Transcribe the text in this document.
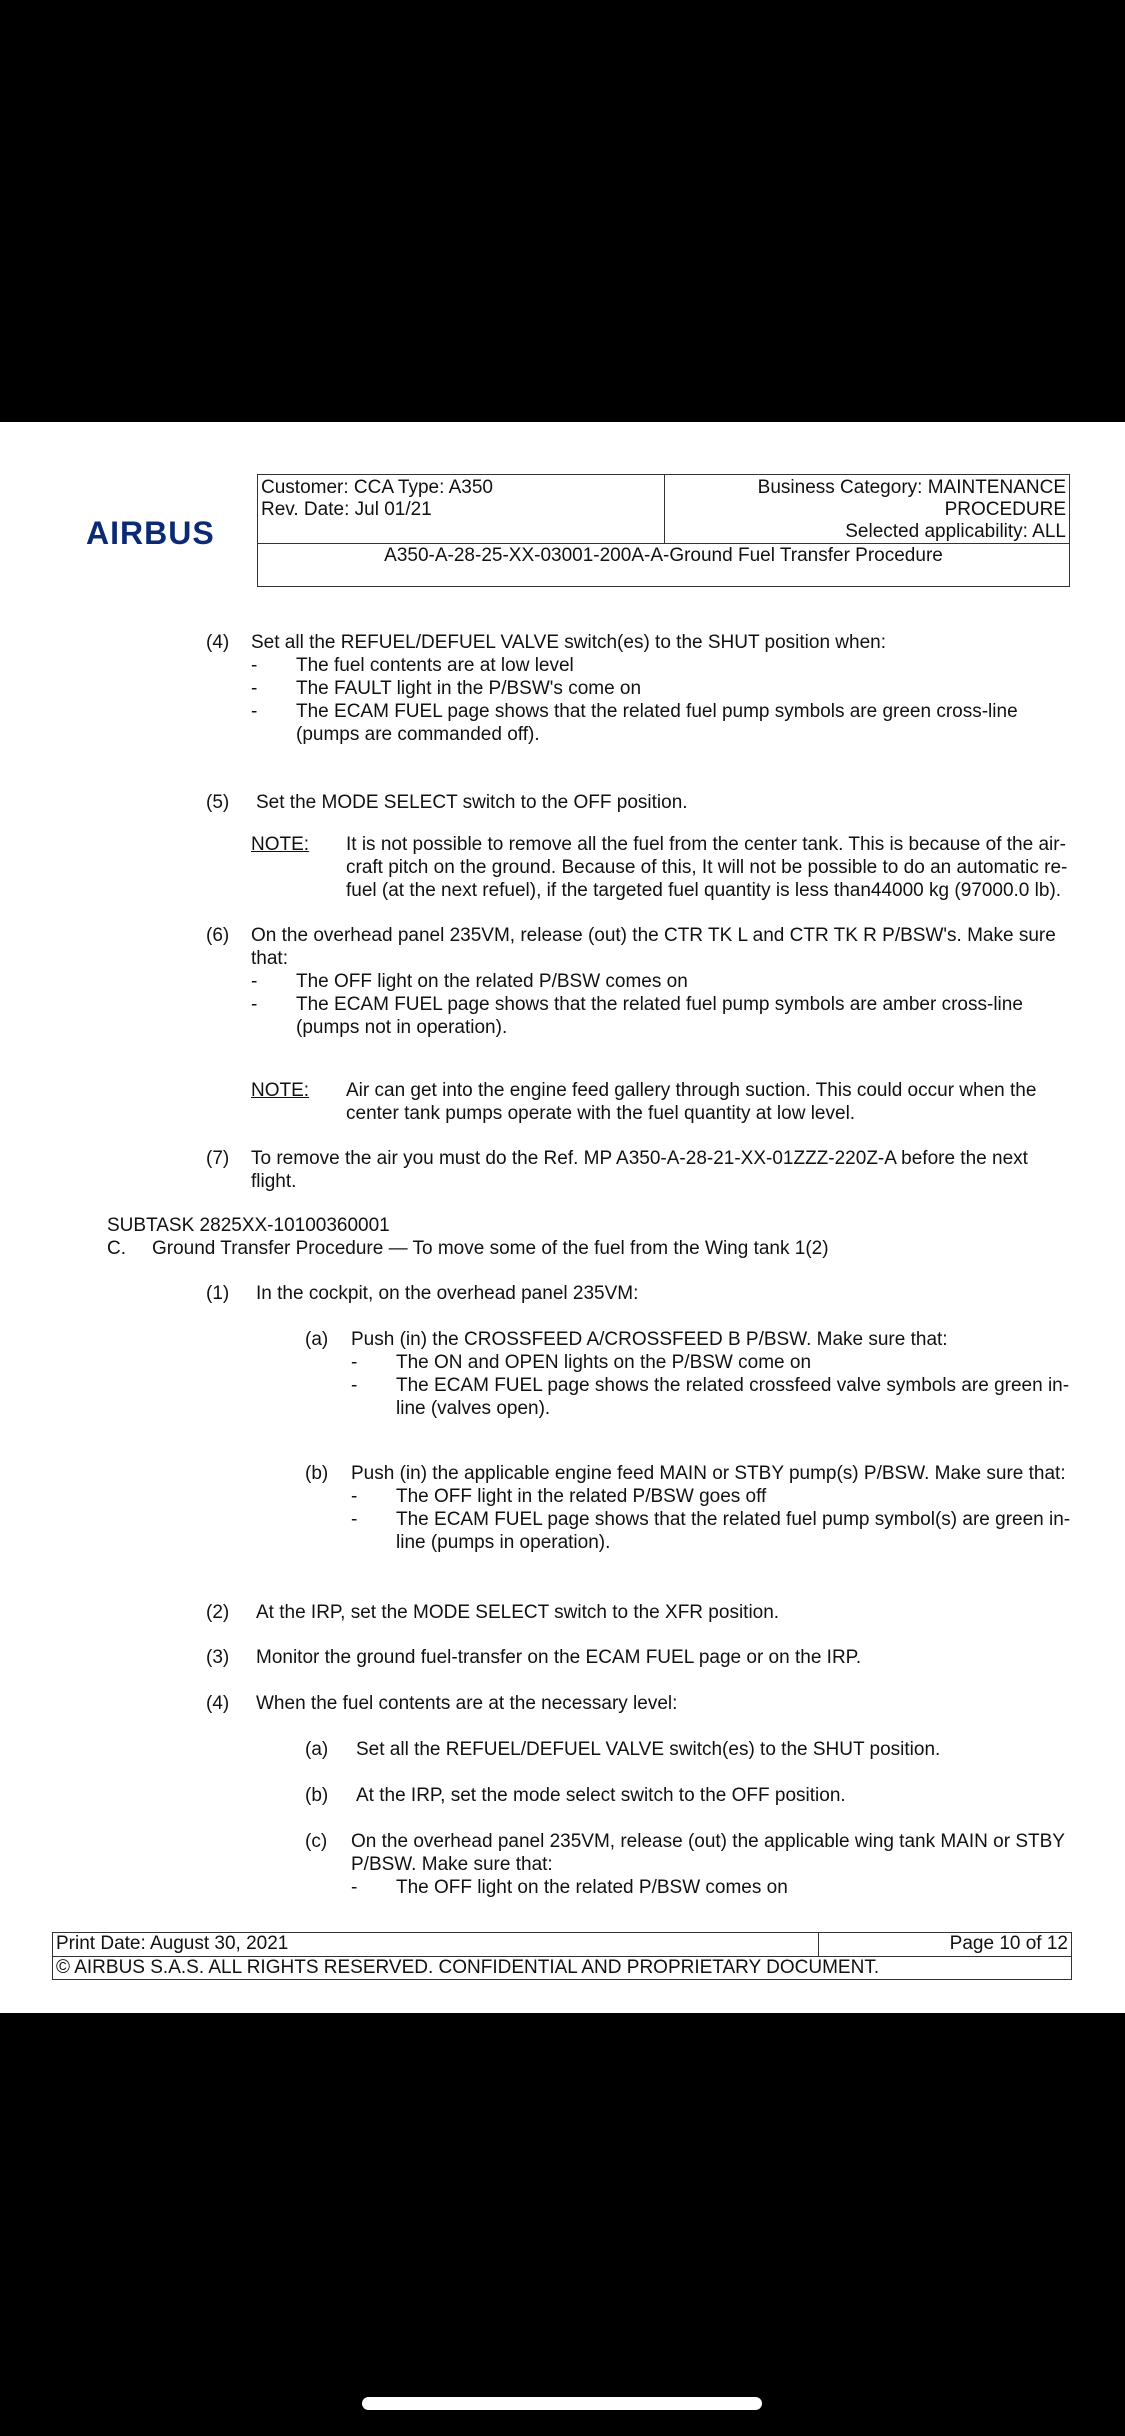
AIRBUS
Customer: CCA Type: A350
Rev. Date: Jul 01/21
Business Category: MAINTENANCE
PROCEDURE
Selected applicability: ALL
A350-A-28-25-XX-03001-200A-A-Ground Fuel Transfer Procedure
(4) Set all the REFUEL/DEFUEL VALVE switch(es) to the SHUT position when:
- The fuel contents are at low level
- The FAULT light in the P/BSW's come on
- The ECAM FUEL page shows that the related fuel pump symbols are green cross-line
(pumps are commanded off).
(5) Set the MODE SELECT switch to the OFF position.
NOTE: It is not possible to remove all the fuel from the center tank. This is because of the air-
craft pitch on the ground. Because of this, It will not be possible to do an automatic re-
fuel (at the next refuel), if the targeted fuel quantity is less than44000 kg (97000.0 lb).
(6) On the overhead panel 235VM, release (out) the CTR TK L and CTR TK R P/BSW's. Make sure
that:
- The OFF light on the related P/BSW comes on
- The ECAM FUEL page shows that the related fuel pump symbols are amber cross-line
(pumps not in operation).
NOTE: Air can get into the engine feed gallery through suction. This could occur when the
center tank pumps operate with the fuel quantity at low level.
(7) To remove the air you must do the Ref. MP A350-A-28-21-XX-01ZZZ-220Z-A before the next
flight.
SUBTASK 2825XX-10100360001
C. Ground Transfer Procedure — To move some of the fuel from the Wing tank 1(2)
(1) In the cockpit, on the overhead panel 235VM:
(a) Push (in) the CROSSFEED A/CROSSFEED B P/BSW. Make sure that:
- The ON and OPEN lights on the P/BSW come on
- The ECAM FUEL page shows the related crossfeed valve symbols are green in-
line (valves open).
(b) Push (in) the applicable engine feed MAIN or STBY pump(s) P/BSW. Make sure that:
- The OFF light in the related P/BSW goes off
- The ECAM FUEL page shows that the related fuel pump symbol(s) are green in-
line (pumps in operation).
(2) At the IRP, set the MODE SELECT switch to the XFR position.
(3) Monitor the ground fuel-transfer on the ECAM FUEL page or on the IRP.
(4) When the fuel contents are at the necessary level:
(a) Set all the REFUEL/DEFUEL VALVE switch(es) to the SHUT position.
(b) At the IRP, set the mode select switch to the OFF position.
(c) On the overhead panel 235VM, release (out) the applicable wing tank MAIN or STBY
P/BSW. Make sure that:
- The OFF light on the related P/BSW comes on
Print Date: August 30, 2021	Page 10 of 12
© AIRBUS S.A.S. ALL RIGHTS RESERVED. CONFIDENTIAL AND PROPRIETARY DOCUMENT.
